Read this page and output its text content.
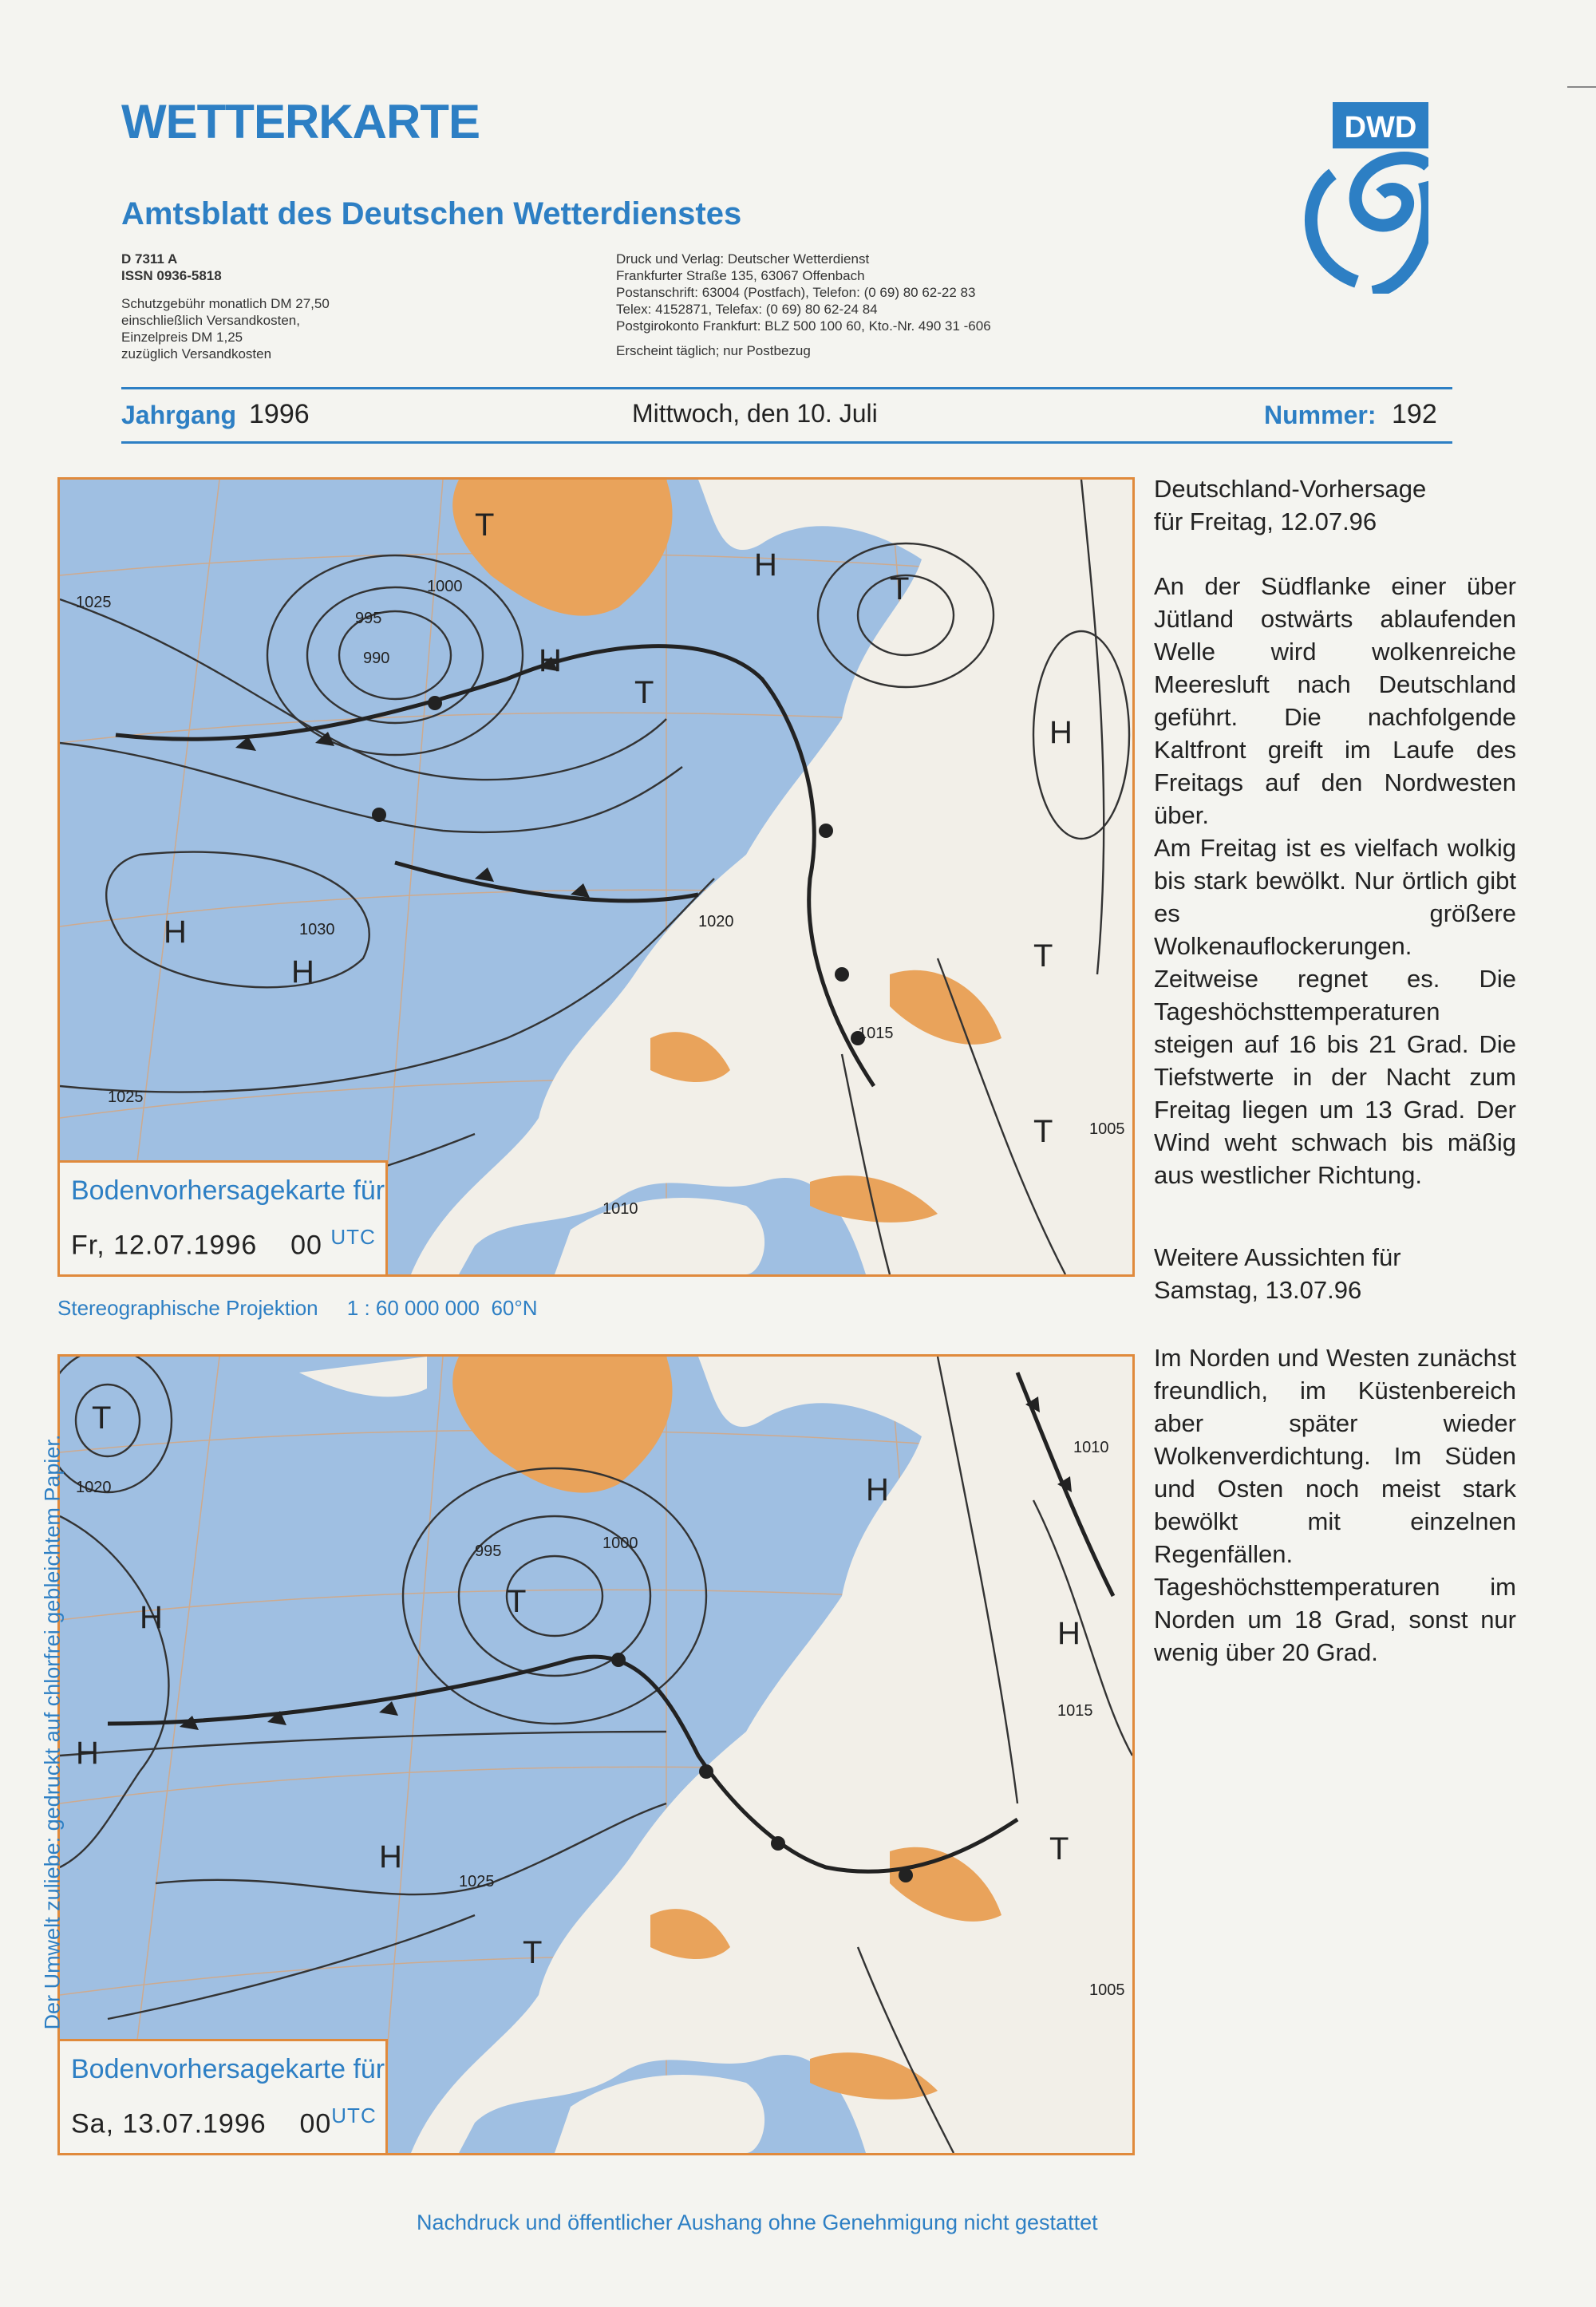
WETTERKARTE
Amtsblatt des Deutschen Wetterdienstes
D 7311 A
ISSN 0936-5818
Schutzgebühr monatlich DM 27,50
einschließlich Versandkosten,
Einzelpreis DM 1,25
zuzüglich Versandkosten
Druck und Verlag: Deutscher Wetterdienst
Frankfurter Straße 135, 63067 Offenbach
Postanschrift: 63004 (Postfach), Telefon: (0 69) 80 62-22 83
Telex: 4152871, Telefax: (0 69) 80 62-24 84
Postgirokonto Frankfurt: BLZ 500 100 60, Kto.-Nr. 490 31 -606
Erscheint täglich; nur Postbezug
DWD
Jahrgang 1996	Mittwoch, den 10. Juli	Nummer: 192
H
H
H
H
H
T
T
T
T
T
1030
1025
1025
1020
1015
1010
1005
1000
995
990
Bodenvorhersagekarte für
Fr, 12.07.1996 00 $^{UTC}$
Stereographische Projektion     1 : 60 000 000  60°N
H
H
H
H
H
T
T
T
T
1025
1020
1015
1010
1005
1000
995
Bodenvorhersagekarte für
Sa, 13.07.1996 $00^{UTC}$
Deutschland-Vorhersage
für Freitag, 12.07.96
An der Südflanke einer über Jütland ostwärts ablaufenden Welle wird wolkenreiche Meeresluft nach Deutschland geführt. Die nachfolgende Kaltfront greift im Laufe des Freitags auf den Nordwesten über.
Am Freitag ist es vielfach wolkig bis stark bewölkt. Nur örtlich gibt es größere Wolkenauflockerungen. Zeitweise regnet es. Die Tageshöchsttemperaturen steigen auf 16 bis 21 Grad. Die Tiefstwerte in der Nacht zum Freitag liegen um 13 Grad. Der Wind weht schwach bis mäßig aus westlicher Richtung.
Weitere Aussichten für
Samstag, 13.07.96
Im Norden und Westen zunächst freundlich, im Küstenbereich aber später wieder Wolkenverdichtung. Im Süden und Osten noch meist stark bewölkt mit einzelnen Regenfällen. Tageshöchsttemperaturen im Norden um 18 Grad, sonst nur wenig über 20 Grad.
Der Umwelt zuliebe: gedruckt auf chlorfrei gebleichtem Papier.
Nachdruck und öffentlicher Aushang ohne Genehmigung nicht gestattet
